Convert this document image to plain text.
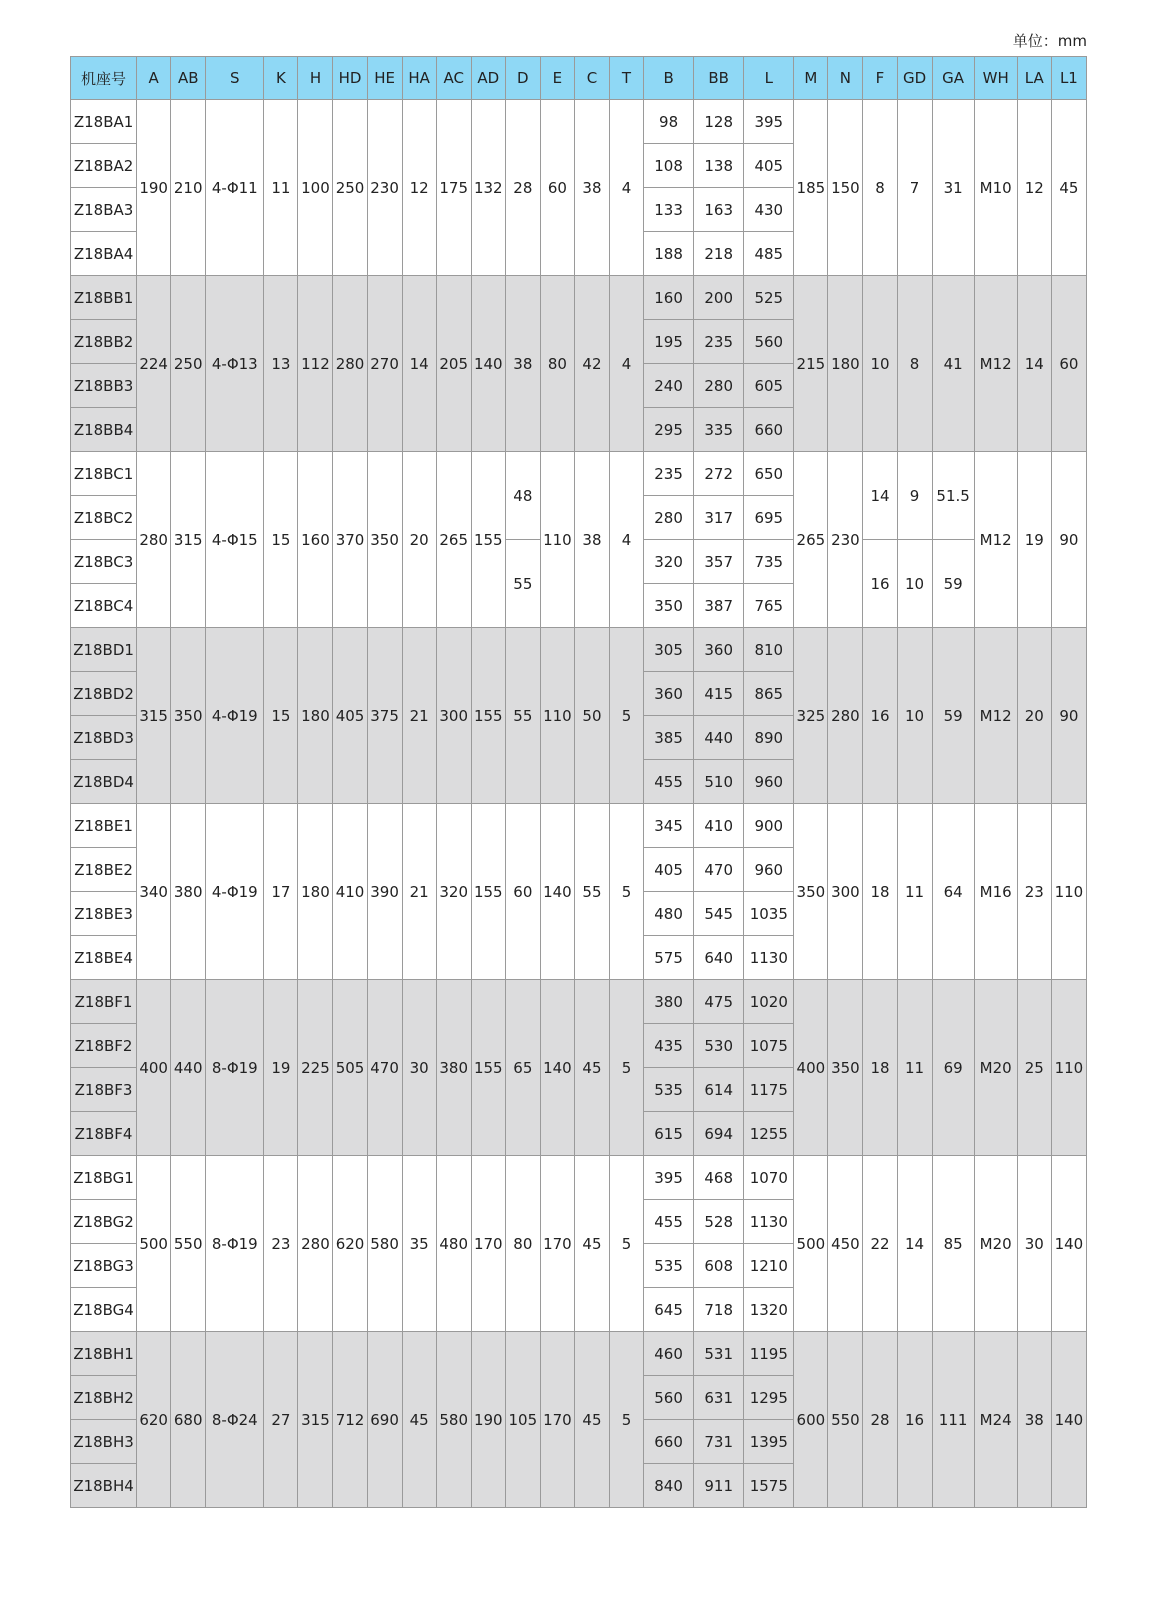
单位：mm
机座号	A	AB	S	K	H	HD	HE	HA	AC	AD	D	E	C	T	B	BB	L	M	N	F	GD	GA	WH	LA	L1
Z18BA1	190	210	4-Φ11	11	100	250	230	12	175	132	28	60	38	4	98	128	395	185	150	8	7	31	M10	12	45
Z18BA2															108	138	405								
Z18BA3															133	163	430								
Z18BA4															188	218	485								
Z18BB1	224	250	4-Φ13	13	112	280	270	14	205	140	38	80	42	4	160	200	525	215	180	10	8	41	M12	14	60
Z18BB2															195	235	560								
Z18BB3															240	280	605								
Z18BB4															295	335	660								
Z18BC1	280	315	4-Φ15	15	160	370	350	20	265	155	48	110	38	4	235	272	650	265	230	14	9	51.5	M12	19	90
Z18BC2															280	317	695								
Z18BC3											55				320	357	735			16	10	59			
Z18BC4															350	387	765								
Z18BD1	315	350	4-Φ19	15	180	405	375	21	300	155	55	110	50	5	305	360	810	325	280	16	10	59	M12	20	90
Z18BD2															360	415	865								
Z18BD3															385	440	890								
Z18BD4															455	510	960								
Z18BE1	340	380	4-Φ19	17	180	410	390	21	320	155	60	140	55	5	345	410	900	350	300	18	11	64	M16	23	110
Z18BE2															405	470	960								
Z18BE3															480	545	1035								
Z18BE4															575	640	1130								
Z18BF1	400	440	8-Φ19	19	225	505	470	30	380	155	65	140	45	5	380	475	1020	400	350	18	11	69	M20	25	110
Z18BF2															435	530	1075								
Z18BF3															535	614	1175								
Z18BF4															615	694	1255								
Z18BG1	500	550	8-Φ19	23	280	620	580	35	480	170	80	170	45	5	395	468	1070	500	450	22	14	85	M20	30	140
Z18BG2															455	528	1130								
Z18BG3															535	608	1210								
Z18BG4															645	718	1320								
Z18BH1	620	680	8-Φ24	27	315	712	690	45	580	190	105	170	45	5	460	531	1195	600	550	28	16	111	M24	38	140
Z18BH2															560	631	1295								
Z18BH3															660	731	1395								
Z18BH4															840	911	1575								
